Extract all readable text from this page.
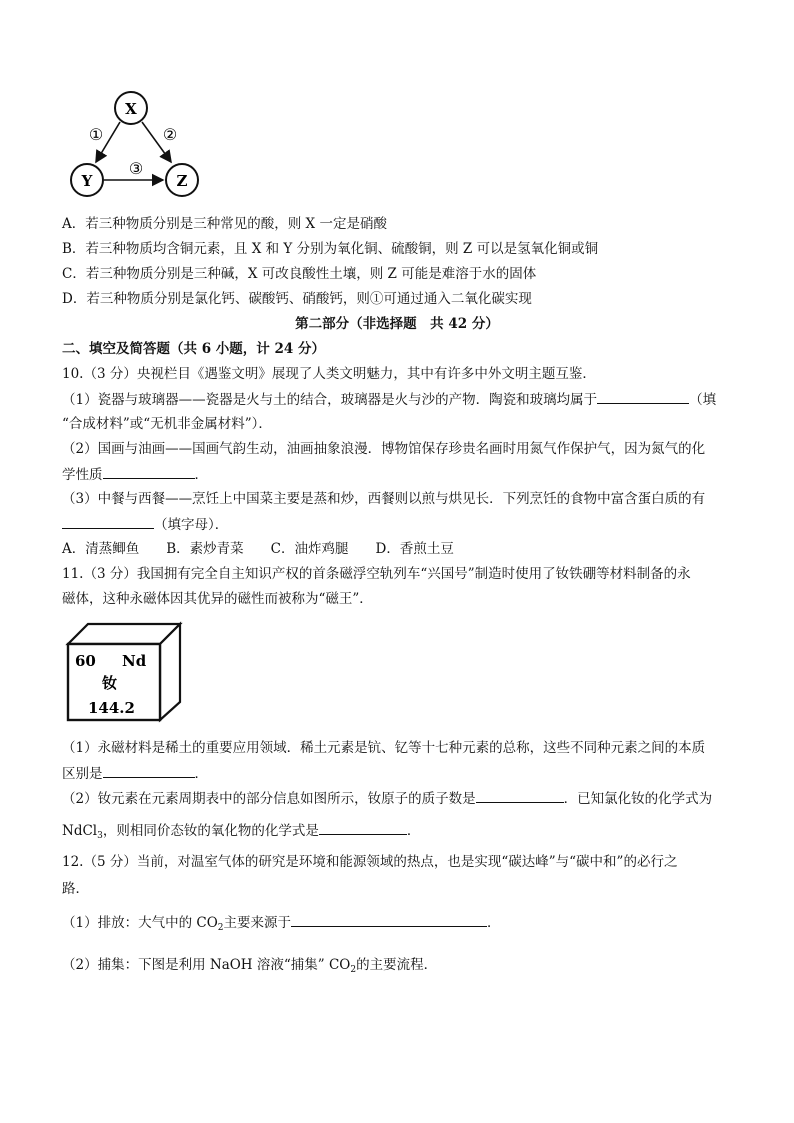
X
Y	Z
①	②
③
A．若三种物质分别是三种常见的酸，则 X 一定是硝酸
B．若三种物质均含铜元素，且 X 和 Y 分别为氧化铜、硫酸铜，则 Z 可以是氢氧化铜或铜
C．若三种物质分别是三种碱，X 可改良酸性土壤，则 Z 可能是难溶于水的固体
D．若三种物质分别是氯化钙、碳酸钙、硝酸钙，则①可通过通入二氧化碳实现
第二部分（非选择题　共 42 分）
二、填空及简答题（共 6 小题，计 24 分）
10.（3 分）央视栏目《遇鉴文明》展现了人类文明魅力，其中有许多中外文明主题互鉴．
（1）瓷器与玻璃器——瓷器是火与土的结合，玻璃器是火与沙的产物．陶瓷和玻璃均属于	（填
“合成材料”或“无机非金属材料”）．
（2）国画与油画——国画气韵生动，油画抽象浪漫．博物馆保存珍贵名画时用氮气作保护气，因为氮气的化
学性质	．
（3）中餐与西餐——烹饪上中国菜主要是蒸和炒，西餐则以煎与烘见长．下列烹饪的食物中富含蛋白质的有
（填字母）．
A．清蒸鲫鱼　　B．素炒青菜　　C．油炸鸡腿　　D．香煎土豆
11.（3 分）我国拥有完全自主知识产权的首条磁浮空轨列车“兴国号”制造时使用了钕铁硼等材料制备的永
磁体，这种永磁体因其优异的磁性而被称为“磁王”．
60 Nd
钕
144.2
（1）永磁材料是稀土的重要应用领域．稀土元素是钪、钇等十七种元素的总称，这些不同种元素之间的本质
区别是	．
（2）钕元素在元素周期表中的部分信息如图所示，钕原子的质子数是	．已知氯化钕的化学式为
NdCl$_3$，则相同价态钕的氧化物的化学式是	．
12.（5 分）当前，对温室气体的研究是环境和能源领域的热点，也是实现“碳达峰”与“碳中和”的必行之
路．
（1）排放：大气中的 $CO_2$主要来源于	．
（2）捕集：下图是利用 NaOH 溶液“捕集” $CO_2$的主要流程．
